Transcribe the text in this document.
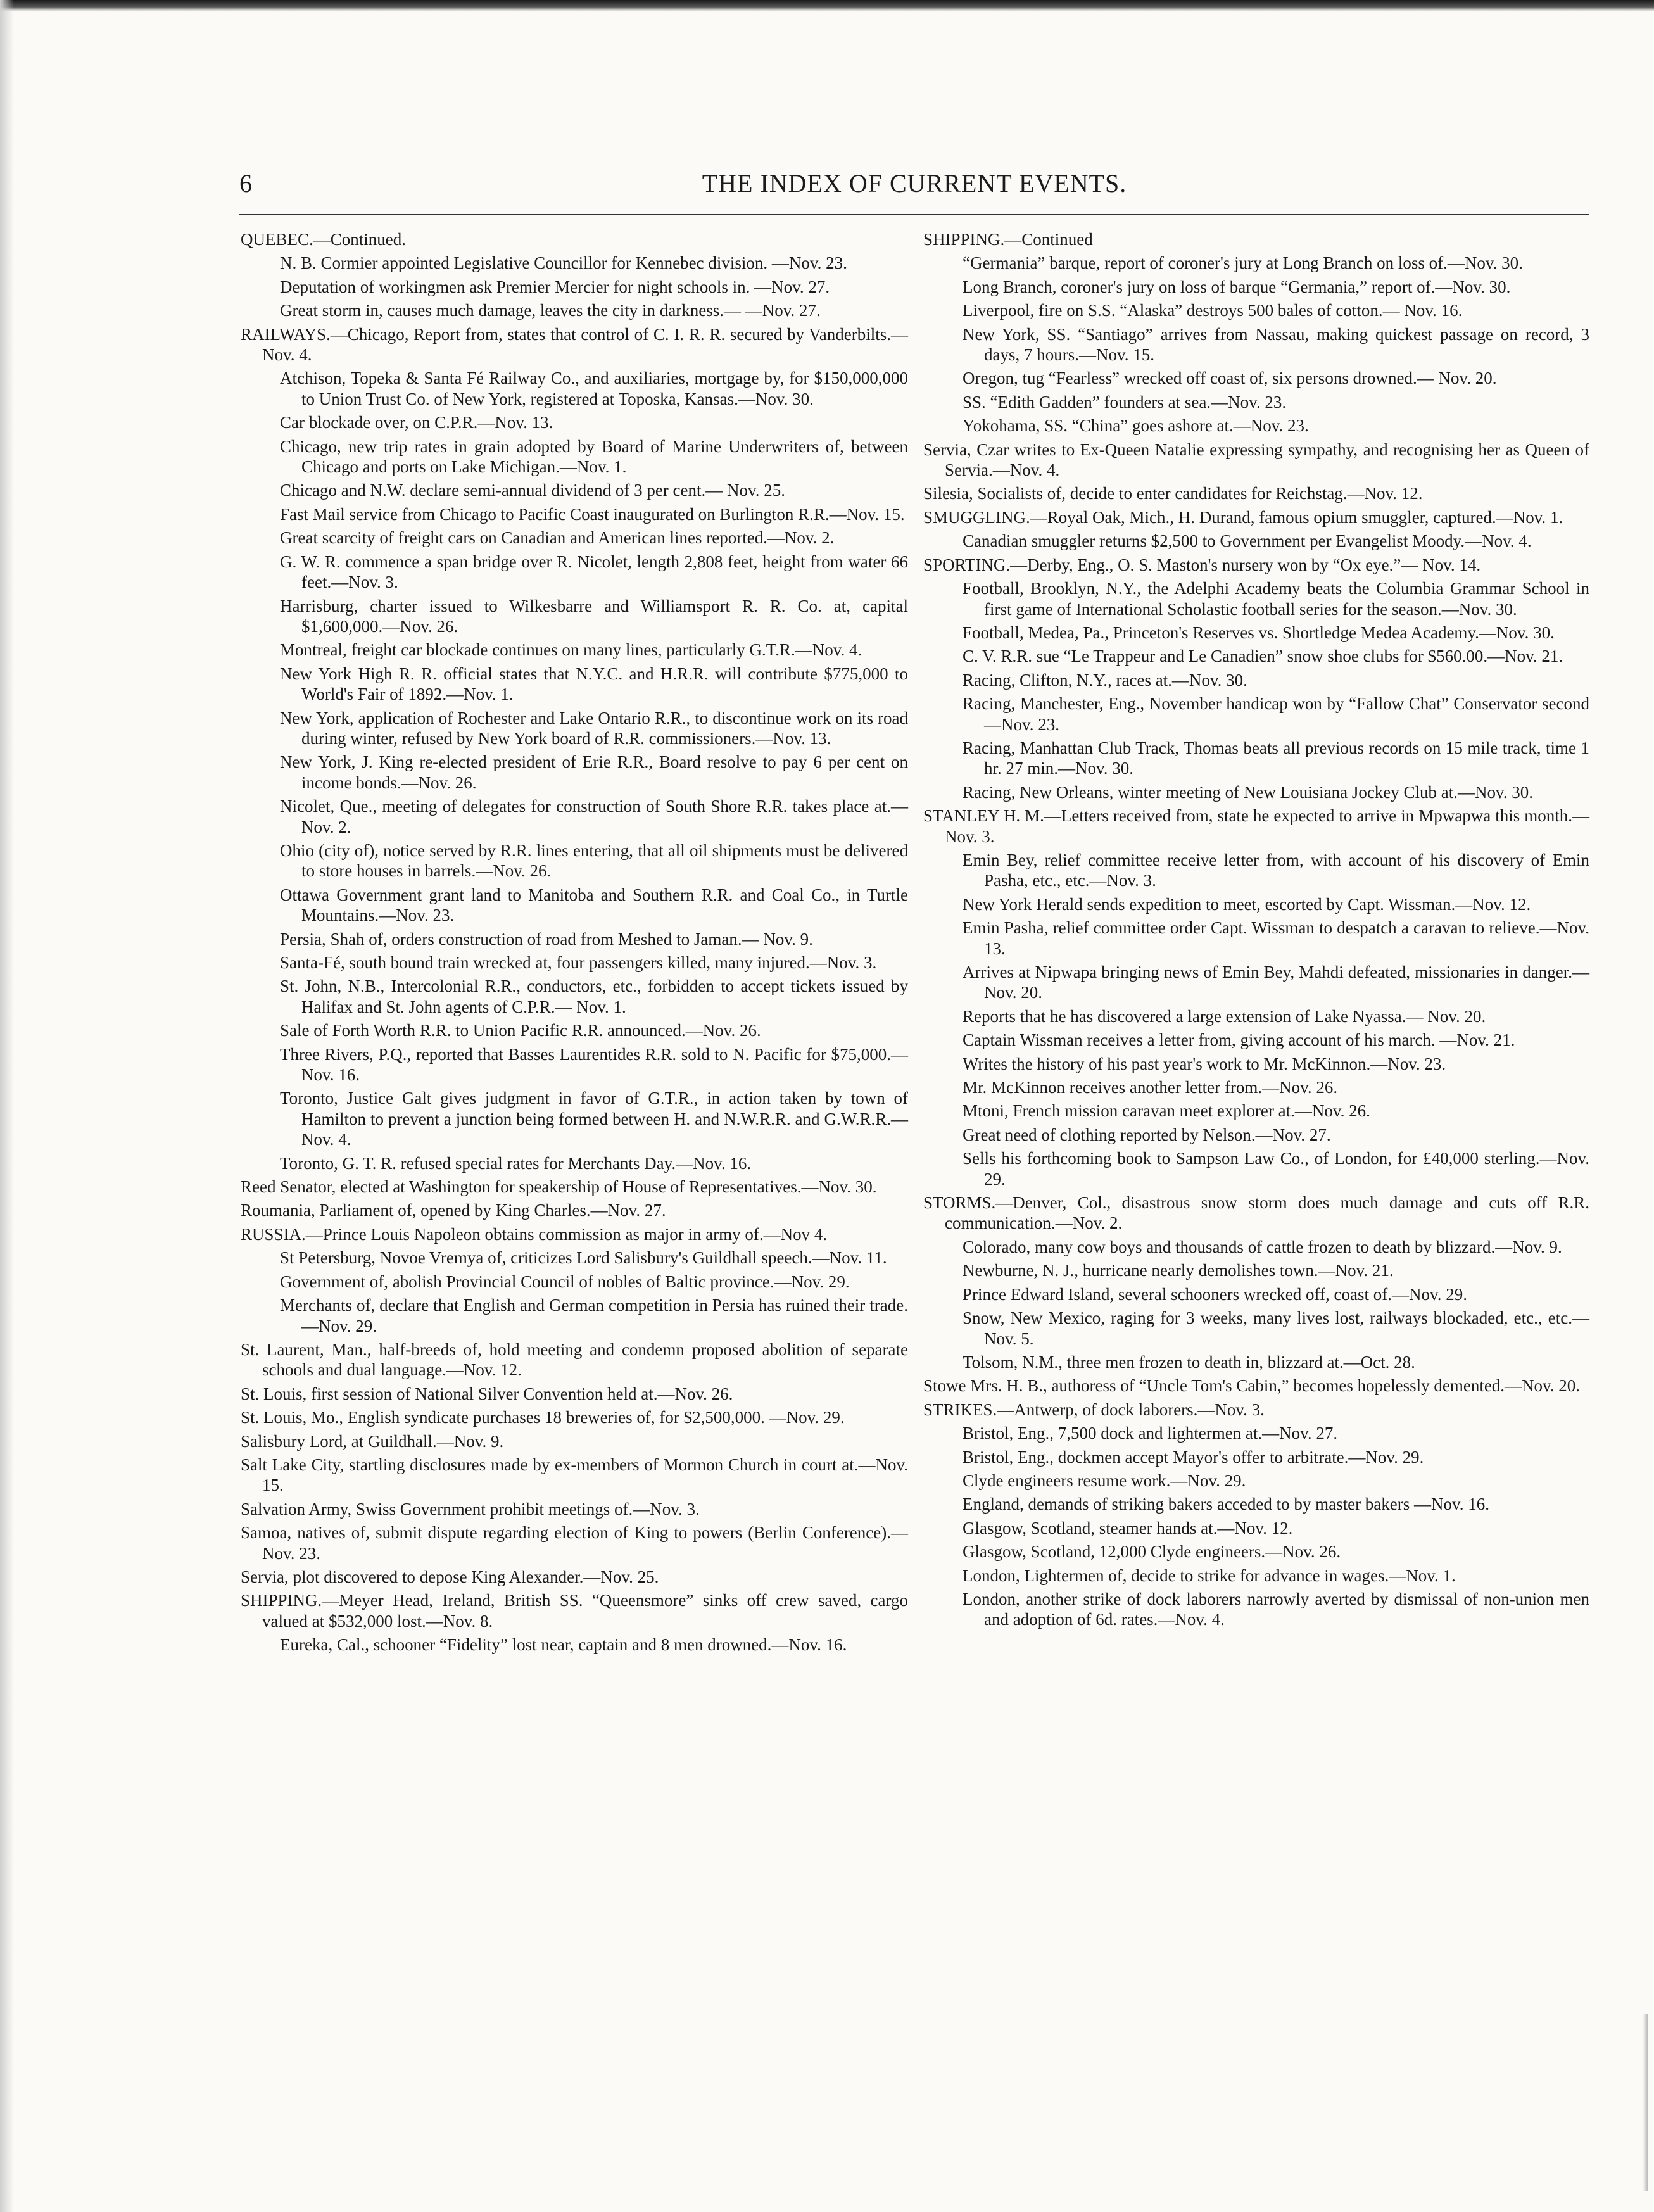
6	THE INDEX OF CURRENT EVENTS.
QUEBEC.—Continued.
N. B. Cormier appointed Legislative Councillor for Kennebec division. —Nov. 23.
Deputation of workingmen ask Premier Mercier for night schools in. —Nov. 27.
Great storm in, causes much damage, leaves the city in darkness.— —Nov. 27.
RAILWAYS.—Chicago, Report from, states that control of C. I. R. R. secured by Vanderbilts.—Nov. 4.
Atchison, Topeka & Santa Fé Railway Co., and auxiliaries, mortgage by, for $150,000,000 to Union Trust Co. of New York, registered at Toposka, Kansas.—Nov. 30.
Car blockade over, on C.P.R.—Nov. 13.
Chicago, new trip rates in grain adopted by Board of Marine Underwriters of, between Chicago and ports on Lake Michigan.—Nov. 1.
Chicago and N.W. declare semi-annual dividend of 3 per cent.— Nov. 25.
Fast Mail service from Chicago to Pacific Coast inaugurated on Burlington R.R.—Nov. 15.
Great scarcity of freight cars on Canadian and American lines reported.—Nov. 2.
G. W. R. commence a span bridge over R. Nicolet, length 2,808 feet, height from water 66 feet.—Nov. 3.
Harrisburg, charter issued to Wilkesbarre and Williamsport R. R. Co. at, capital $1,600,000.—Nov. 26.
Montreal, freight car blockade continues on many lines, particularly G.T.R.—Nov. 4.
New York High R. R. official states that N.Y.C. and H.R.R. will contribute $775,000 to World's Fair of 1892.—Nov. 1.
New York, application of Rochester and Lake Ontario R.R., to discontinue work on its road during winter, refused by New York board of R.R. commissioners.—Nov. 13.
New York, J. King re-elected president of Erie R.R., Board resolve to pay 6 per cent on income bonds.—Nov. 26.
Nicolet, Que., meeting of delegates for construction of South Shore R.R. takes place at.—Nov. 2.
Ohio (city of), notice served by R.R. lines entering, that all oil shipments must be delivered to store houses in barrels.—Nov. 26.
Ottawa Government grant land to Manitoba and Southern R.R. and Coal Co., in Turtle Mountains.—Nov. 23.
Persia, Shah of, orders construction of road from Meshed to Jaman.— Nov. 9.
Santa-Fé, south bound train wrecked at, four passengers killed, many injured.—Nov. 3.
St. John, N.B., Intercolonial R.R., conductors, etc., forbidden to accept tickets issued by Halifax and St. John agents of C.P.R.— Nov. 1.
Sale of Forth Worth R.R. to Union Pacific R.R. announced.—Nov. 26.
Three Rivers, P.Q., reported that Basses Laurentides R.R. sold to N. Pacific for $75,000.—Nov. 16.
Toronto, Justice Galt gives judgment in favor of G.T.R., in action taken by town of Hamilton to prevent a junction being formed between H. and N.W.R.R. and G.W.R.R.—Nov. 4.
Toronto, G. T. R. refused special rates for Merchants Day.—Nov. 16.
Reed Senator, elected at Washington for speakership of House of Representatives.—Nov. 30.
Roumania, Parliament of, opened by King Charles.—Nov. 27.
RUSSIA.—Prince Louis Napoleon obtains commission as major in army of.—Nov 4.
St Petersburg, Novoe Vremya of, criticizes Lord Salisbury's Guildhall speech.—Nov. 11.
Government of, abolish Provincial Council of nobles of Baltic province.—Nov. 29.
Merchants of, declare that English and German competition in Persia has ruined their trade.—Nov. 29.
St. Laurent, Man., half-breeds of, hold meeting and condemn proposed abolition of separate schools and dual language.—Nov. 12.
St. Louis, first session of National Silver Convention held at.—Nov. 26.
St. Louis, Mo., English syndicate purchases 18 breweries of, for $2,500,000. —Nov. 29.
Salisbury Lord, at Guildhall.—Nov. 9.
Salt Lake City, startling disclosures made by ex-members of Mormon Church in court at.—Nov. 15.
Salvation Army, Swiss Government prohibit meetings of.—Nov. 3.
Samoa, natives of, submit dispute regarding election of King to powers (Berlin Conference).—Nov. 23.
Servia, plot discovered to depose King Alexander.—Nov. 25.
SHIPPING.—Meyer Head, Ireland, British SS. “Queensmore” sinks off crew saved, cargo valued at $532,000 lost.—Nov. 8.
Eureka, Cal., schooner “Fidelity” lost near, captain and 8 men drowned.—Nov. 16.
SHIPPING.—Continued
“Germania” barque, report of coroner's jury at Long Branch on loss of.—Nov. 30.
Long Branch, coroner's jury on loss of barque “Germania,” report of.—Nov. 30.
Liverpool, fire on S.S. “Alaska” destroys 500 bales of cotton.— Nov. 16.
New York, SS. “Santiago” arrives from Nassau, making quickest passage on record, 3 days, 7 hours.—Nov. 15.
Oregon, tug “Fearless” wrecked off coast of, six persons drowned.— Nov. 20.
SS. “Edith Gadden” founders at sea.—Nov. 23.
Yokohama, SS. “China” goes ashore at.—Nov. 23.
Servia, Czar writes to Ex-Queen Natalie expressing sympathy, and recognising her as Queen of Servia.—Nov. 4.
Silesia, Socialists of, decide to enter candidates for Reichstag.—Nov. 12.
SMUGGLING.—Royal Oak, Mich., H. Durand, famous opium smuggler, captured.—Nov. 1.
Canadian smuggler returns $2,500 to Government per Evangelist Moody.—Nov. 4.
SPORTING.—Derby, Eng., O. S. Maston's nursery won by “Ox eye.”— Nov. 14.
Football, Brooklyn, N.Y., the Adelphi Academy beats the Columbia Grammar School in first game of International Scholastic football series for the season.—Nov. 30.
Football, Medea, Pa., Princeton's Reserves vs. Shortledge Medea Academy.—Nov. 30.
C. V. R.R. sue “Le Trappeur and Le Canadien” snow shoe clubs for $560.00.—Nov. 21.
Racing, Clifton, N.Y., races at.—Nov. 30.
Racing, Manchester, Eng., November handicap won by “Fallow Chat” Conservator second —Nov. 23.
Racing, Manhattan Club Track, Thomas beats all previous records on 15 mile track, time 1 hr. 27 min.—Nov. 30.
Racing, New Orleans, winter meeting of New Louisiana Jockey Club at.—Nov. 30.
STANLEY H. M.—Letters received from, state he expected to arrive in Mpwapwa this month.—Nov. 3.
Emin Bey, relief committee receive letter from, with account of his discovery of Emin Pasha, etc., etc.—Nov. 3.
New York Herald sends expedition to meet, escorted by Capt. Wissman.—Nov. 12.
Emin Pasha, relief committee order Capt. Wissman to despatch a caravan to relieve.—Nov. 13.
Arrives at Nipwapa bringing news of Emin Bey, Mahdi defeated, missionaries in danger.—Nov. 20.
Reports that he has discovered a large extension of Lake Nyassa.— Nov. 20.
Captain Wissman receives a letter from, giving account of his march. —Nov. 21.
Writes the history of his past year's work to Mr. McKinnon.—Nov. 23.
Mr. McKinnon receives another letter from.—Nov. 26.
Mtoni, French mission caravan meet explorer at.—Nov. 26.
Great need of clothing reported by Nelson.—Nov. 27.
Sells his forthcoming book to Sampson Law Co., of London, for £40,000 sterling.—Nov. 29.
STORMS.—Denver, Col., disastrous snow storm does much damage and cuts off R.R. communication.—Nov. 2.
Colorado, many cow boys and thousands of cattle frozen to death by blizzard.—Nov. 9.
Newburne, N. J., hurricane nearly demolishes town.—Nov. 21.
Prince Edward Island, several schooners wrecked off, coast of.—Nov. 29.
Snow, New Mexico, raging for 3 weeks, many lives lost, railways blockaded, etc., etc.—Nov. 5.
Tolsom, N.M., three men frozen to death in, blizzard at.—Oct. 28.
Stowe Mrs. H. B., authoress of “Uncle Tom's Cabin,” becomes hopelessly demented.—Nov. 20.
STRIKES.—Antwerp, of dock laborers.—Nov. 3.
Bristol, Eng., 7,500 dock and lightermen at.—Nov. 27.
Bristol, Eng., dockmen accept Mayor's offer to arbitrate.—Nov. 29.
Clyde engineers resume work.—Nov. 29.
England, demands of striking bakers acceded to by master bakers —Nov. 16.
Glasgow, Scotland, steamer hands at.—Nov. 12.
Glasgow, Scotland, 12,000 Clyde engineers.—Nov. 26.
London, Lightermen of, decide to strike for advance in wages.—Nov. 1.
London, another strike of dock laborers narrowly averted by dismissal of non-union men and adoption of 6d. rates.—Nov. 4.
